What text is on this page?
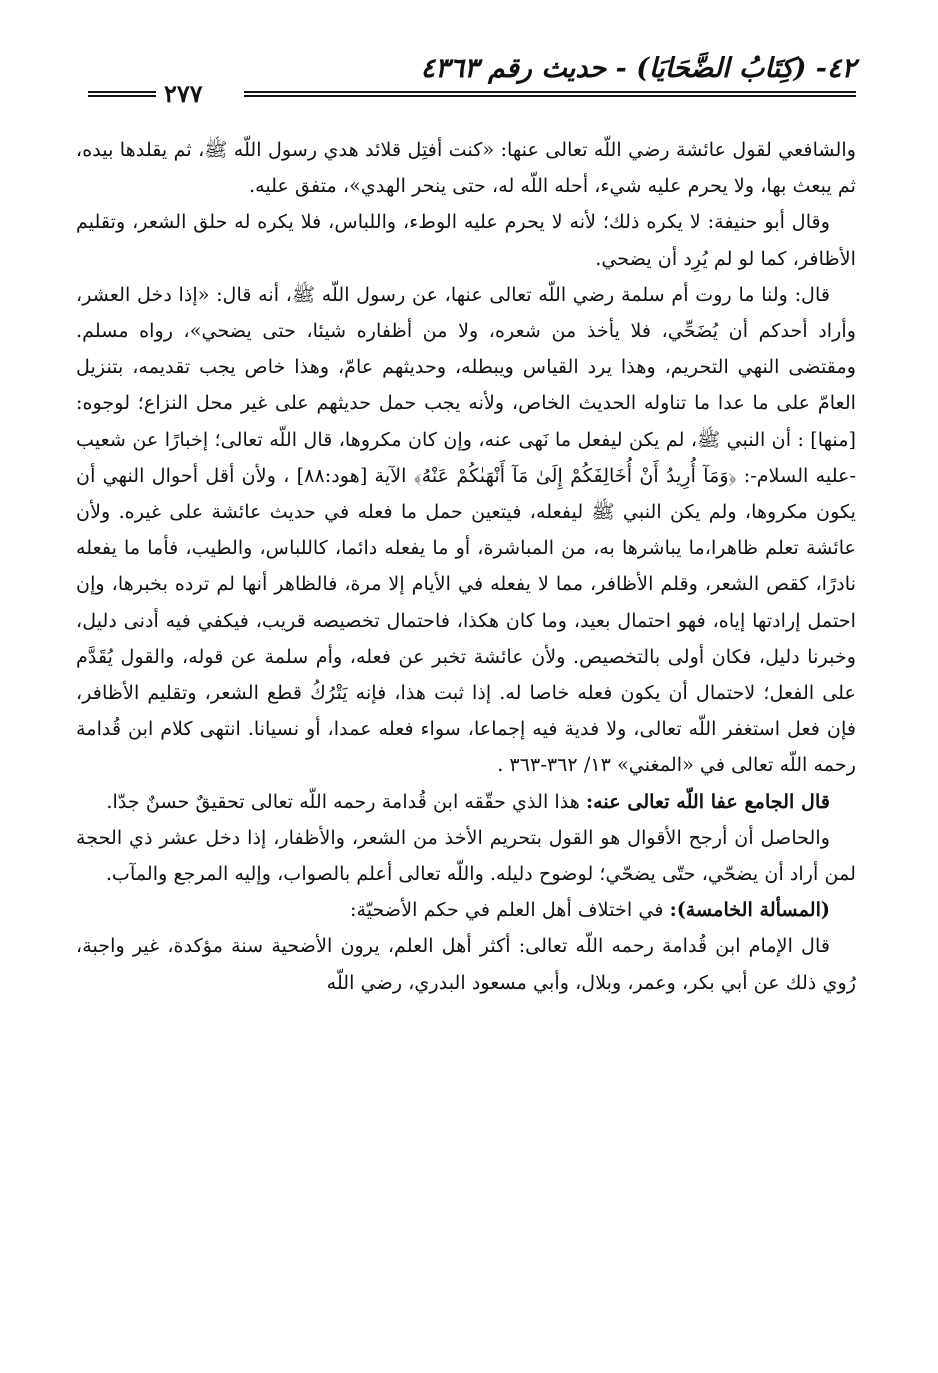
٤٢- (كِتَابُ الضَّحَايَا) - حديث رقم ٤٣٦٣
٢٧٧

والشافعي لقول عائشة رضي اللّه تعالى عنها: «كنت أفتِل قلائد هدي رسول اللّه ﷺ، ثم يقلدها بيده، ثم يبعث بها، ولا يحرم عليه شيء، أحله اللّه له، حتى ينحر الهدي»، متفق عليه.

وقال أبو حنيفة: لا يكره ذلك؛ لأنه لا يحرم عليه الوطء، واللباس، فلا يكره له حلق الشعر، وتقليم الأظافر، كما لو لم يُرِد أن يضحي.

قال: ولنا ما روت أم سلمة رضي اللّه تعالى عنها، عن رسول اللّه ﷺ، أنه قال: «إذا دخل العشر، وأراد أحدكم أن يُضَحِّي، فلا يأخذ من شعره، ولا من أظفاره شيئا، حتى يضحي»، رواه مسلم. ومقتضى النهي التحريم، وهذا يرد القياس ويبطله، وحديثهم عامّ، وهذا خاص يجب تقديمه، بتنزيل العامّ على ما عدا ما تناوله الحديث الخاص، ولأنه يجب حمل حديثهم على غير محل النزاع؛ لوجوه: [منها] : أن النبي ﷺ، لم يكن ليفعل ما نَهى عنه، وإن كان مكروها، قال اللّه تعالى؛ إخبارًا عن شعيب -عليه السلام-: ﴿وَمَآ أُرِيدُ أَنْ أُخَالِفَكُمْ إِلَىٰ مَآ أَنْهَىٰكُمْ عَنْهُ﴾ الآية [هود:٨٨] ، ولأن أقل أحوال النهي أن يكون مكروها، ولم يكن النبي ﷺ ليفعله، فيتعين حمل ما فعله في حديث عائشة على غيره. ولأن عائشة تعلم ظاهرا،ما يباشرها به، من المباشرة، أو ما يفعله دائما، كاللباس، والطيب، فأما ما يفعله نادرًا، كقص الشعر، وقلم الأظافر، مما لا يفعله في الأيام إلا مرة، فالظاهر أنها لم ترده بخبرها، وإن احتمل إرادتها إياه، فهو احتمال بعيد، وما كان هكذا، فاحتمال تخصيصه قريب، فيكفي فيه أدنى دليل، وخبرنا دليل، فكان أولى بالتخصيص. ولأن عائشة تخبر عن فعله، وأم سلمة عن قوله، والقول يُقَدَّم على الفعل؛ لاحتمال أن يكون فعله خاصا له. إذا ثبت هذا، فإنه يَتْرُكُ قطع الشعر، وتقليم الأظافر، فإن فعل استغفر اللّه تعالى، ولا فدية فيه إجماعا، سواء فعله عمدا، أو نسيانا. انتهى كلام ابن قُدامة رحمه اللّه تعالى في «المغني» ١٣/ ٣٦٢-٣٦٣ .

قال الجامع عفا اللّه تعالى عنه: هذا الذي حقّقه ابن قُدامة رحمه اللّه تعالى تحقيقٌ حسنٌ جدّا.

والحاصل أن أرجح الأقوال هو القول بتحريم الأخذ من الشعر، والأظفار، إذا دخل عشر ذي الحجة لمن أراد أن يضحّي، حتّى يضحّي؛ لوضوح دليله. واللّه تعالى أعلم بالصواب، وإليه المرجع والمآب.

(المسألة الخامسة): في اختلاف أهل العلم في حكم الأضحيّة:

قال الإمام ابن قُدامة رحمه اللّه تعالى: أكثر أهل العلم، يرون الأضحية سنة مؤكدة، غير واجبة، رُوي ذلك عن أبي بكر، وعمر، وبلال، وأبي مسعود البدري، رضي اللّه
